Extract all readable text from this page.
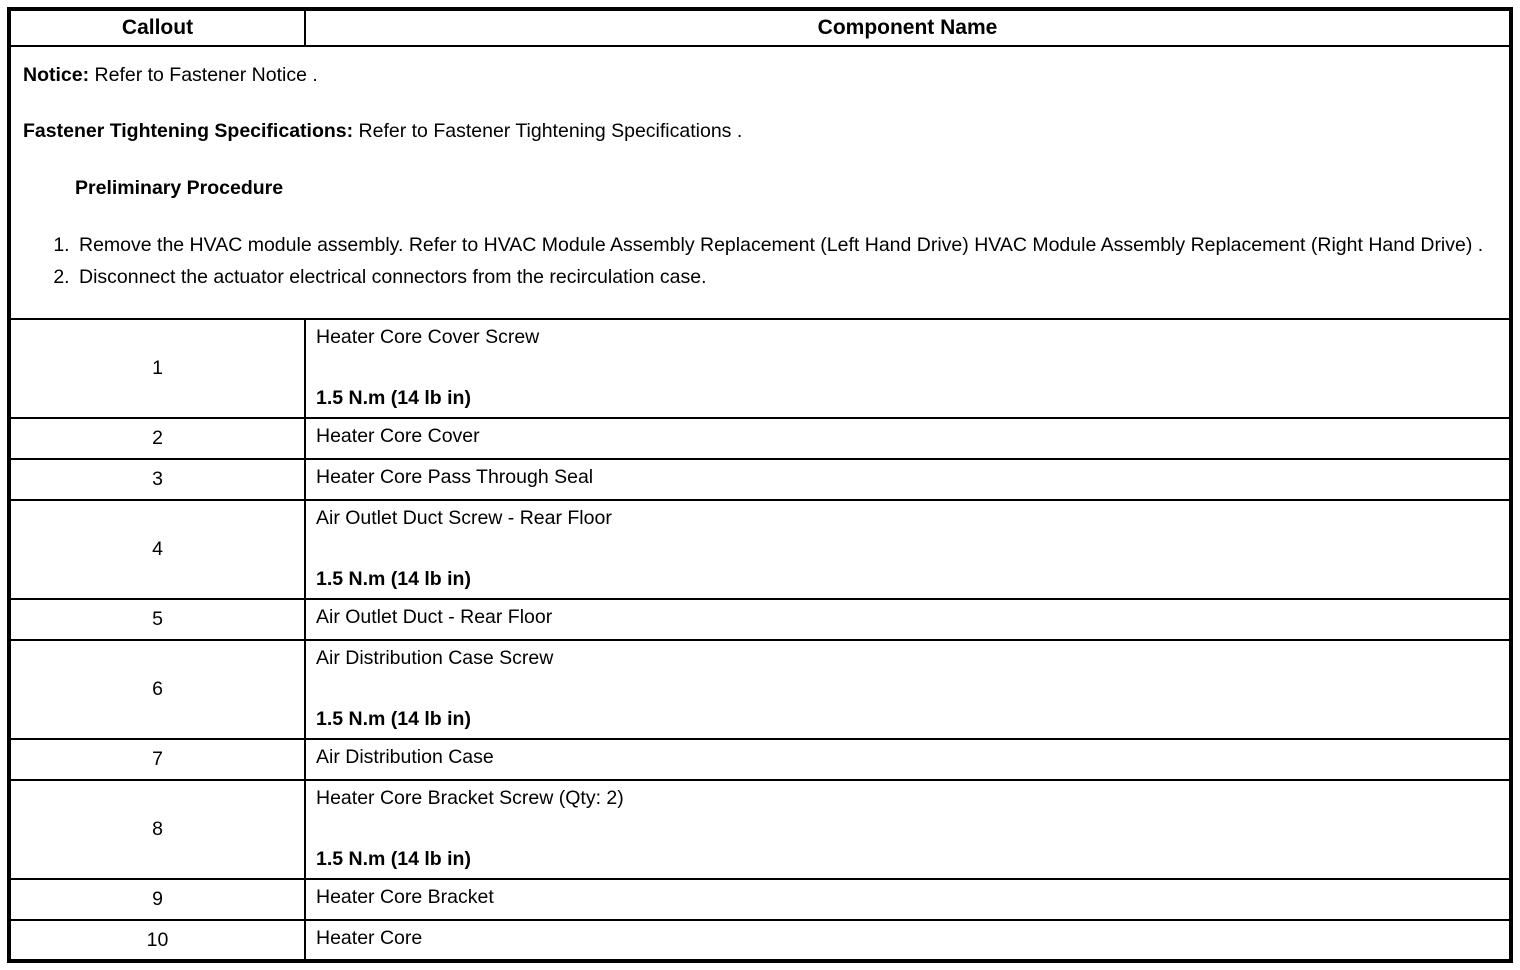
Callout	Component Name

Notice: Refer to Fastener Notice .
Fastener Tightening Specifications: Refer to Fastener Tightening Specifications .
Preliminary Procedure
1. Remove the HVAC module assembly. Refer to HVAC Module Assembly Replacement (Left Hand Drive) HVAC Module Assembly Replacement (Right Hand Drive) .
2. Disconnect the actuator electrical connectors from the recirculation case.

1	Heater Core Cover Screw
1.5 N.m (14 lb in)

2	Heater Core Cover

3	Heater Core Pass Through Seal

4	Air Outlet Duct Screw - Rear Floor
1.5 N.m (14 lb in)

5	Air Outlet Duct - Rear Floor

6	Air Distribution Case Screw
1.5 N.m (14 lb in)

7	Air Distribution Case

8	Heater Core Bracket Screw (Qty: 2)
1.5 N.m (14 lb in)

9	Heater Core Bracket

10	Heater Core
